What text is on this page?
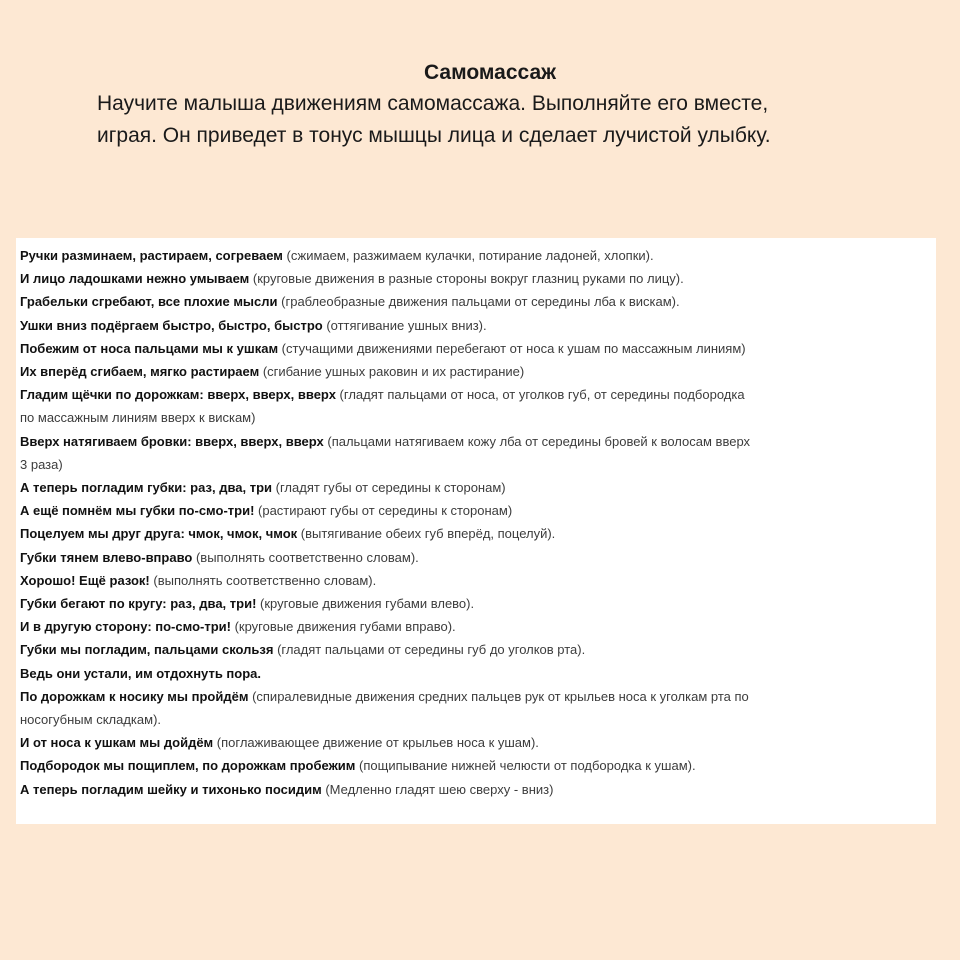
Самомассаж

Научите малыша движениям самомассажа. Выполняйте его вместе,

играя. Он приведет в тонус мышцы лица и сделает лучистой улыбку.

Ручки разминаем, растираем, согреваем (сжимаем, разжимаем кулачки, потирание ладоней, хлопки).
И лицо ладошками нежно умываем (круговые движения в разные стороны вокруг глазниц руками по лицу).
Грабельки сгребают, все плохие мысли (граблеобразные движения пальцами от середины лба к вискам).
Ушки вниз подёргаем быстро, быстро, быстро (оттягивание ушных вниз).
Побежим от носа пальцами мы к ушкам (стучащими движениями перебегают от носа к ушам по массажным линиям)
Их вперёд сгибаем, мягко растираем (сгибание ушных раковин и их растирание)
Гладим щёчки по дорожкам: вверх, вверх, вверх (гладят пальцами от носа, от уголков губ, от середины подбородка
по массажным линиям вверх к вискам)
Вверх натягиваем бровки: вверх, вверх, вверх (пальцами натягиваем кожу лба от середины бровей к волосам вверх
3 раза)
А теперь погладим губки: раз, два, три (гладят губы от середины к сторонам)
А ещё помнём мы губки по-смо-три! (растирают губы от середины к сторонам)
Поцелуем мы друг друга: чмок, чмок, чмок (вытягивание обеих губ вперёд, поцелуй).
Губки тянем влево-вправо (выполнять соответственно словам).
Хорошо! Ещё разок! (выполнять соответственно словам).
Губки бегают по кругу: раз, два, три! (круговые движения губами влево).
И в другую сторону: по-смо-три! (круговые движения губами вправо).
Губки мы погладим, пальцами скользя (гладят пальцами от середины губ до уголков рта).
Ведь они устали, им отдохнуть пора.
По дорожкам к носику мы пройдём (спиралевидные движения средних пальцев рук от крыльев носа к уголкам рта по
носогубным складкам).
И от носа к ушкам мы дойдём (поглаживающее движение от крыльев носа к ушам).
Подбородок мы пощиплем, по дорожкам пробежим (пощипывание нижней челюсти от подбородка к ушам).
А теперь погладим шейку и тихонько посидим (Медленно гладят шею сверху - вниз)
